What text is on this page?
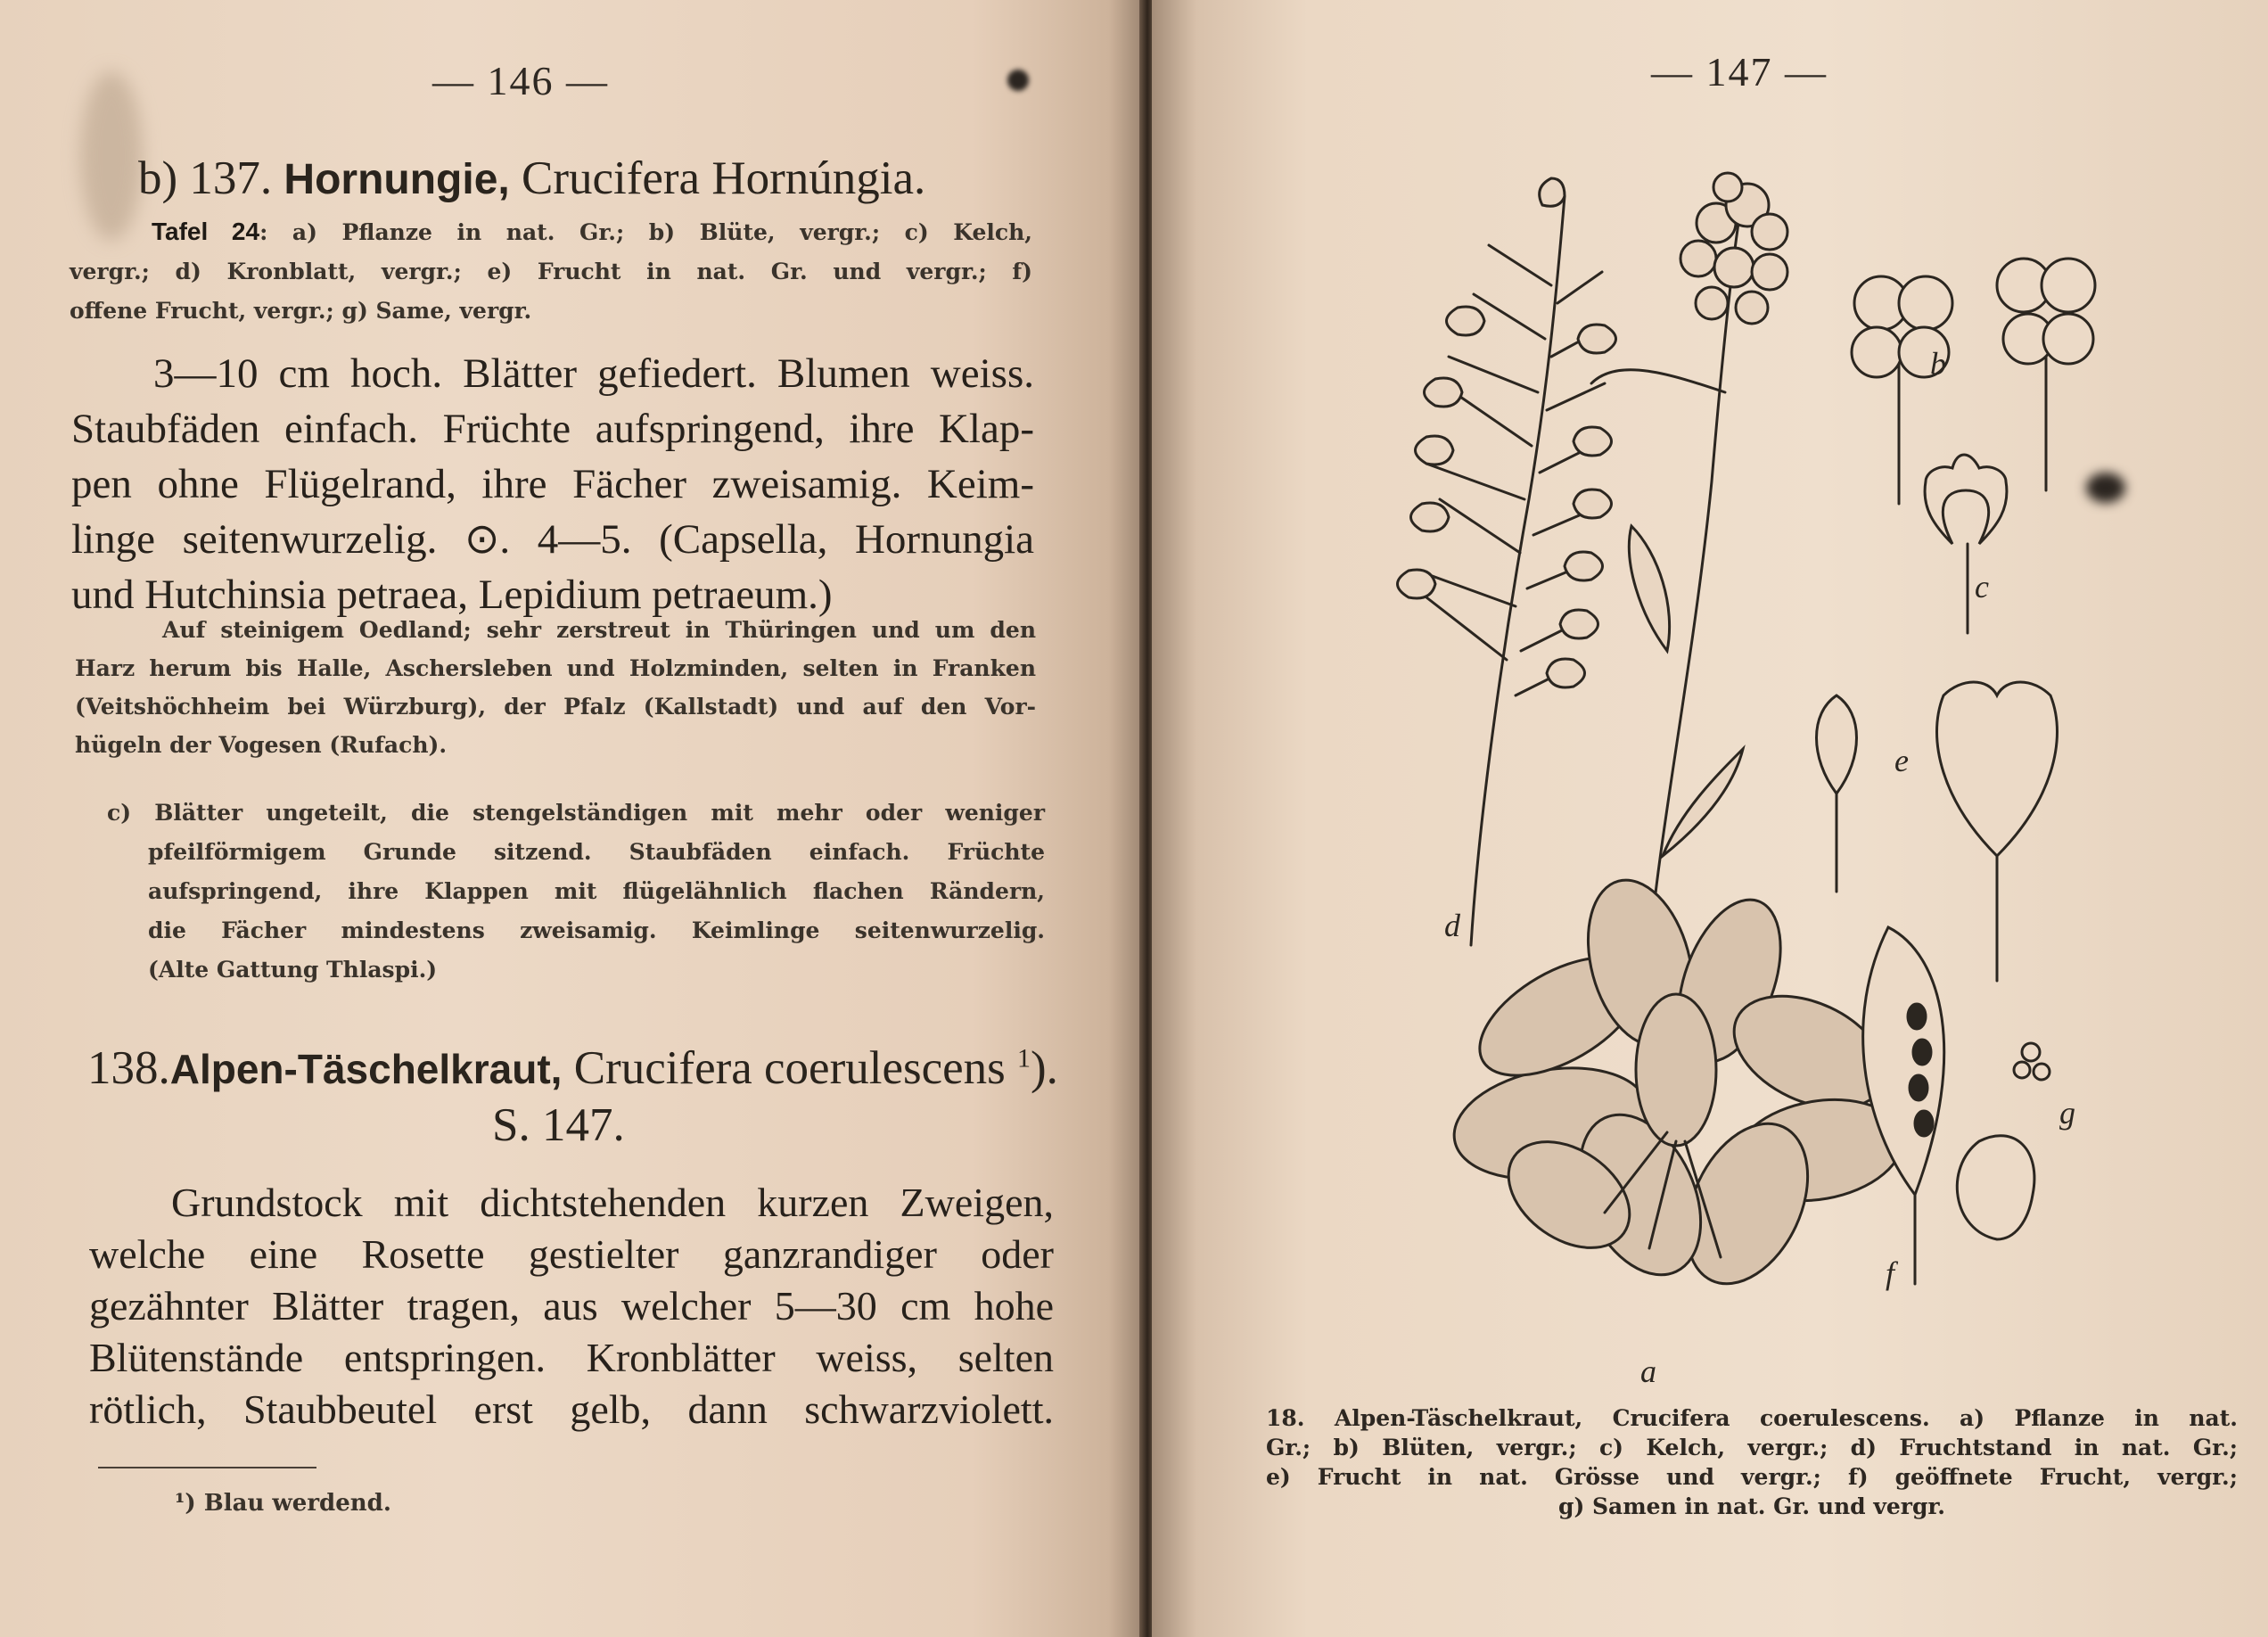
— 146 —
b) 137. Hornungie, Crucifera Hornúngia.
Tafel 24: a) Pflanze in nat. Gr.; b) Blüte, vergr.; c) Kelch,
vergr.; d) Kronblatt, vergr.; e) Frucht in nat. Gr. und vergr.; f)
offene Frucht, vergr.; g) Same, vergr.
3—10 cm hoch. Blätter gefiedert. Blumen weiss.
Staubfäden einfach. Früchte aufspringend, ihre Klap-
pen ohne Flügelrand, ihre Fächer zweisamig. Keim-
linge seitenwurzelig. ⊙. 4—5. (Capsella, Hornungia
und Hutchinsia petraea, Lepidium petraeum.)
Auf steinigem Oedland; sehr zerstreut in Thüringen und um den
Harz herum bis Halle, Aschersleben und Holzminden, selten in Franken
(Veitshöchheim bei Würzburg), der Pfalz (Kallstadt) und auf den Vor-
hügeln der Vogesen (Rufach).
c) Blätter ungeteilt, die stengelständigen mit mehr oder weniger
pfeilförmigem Grunde sitzend. Staubfäden einfach. Früchte
aufspringend, ihre Klappen mit flügelähnlich flachen Rändern,
die Fächer mindestens zweisamig. Keimlinge seitenwurzelig.
(Alte Gattung Thlaspi.)
138.Alpen-Täschelkraut, Crucifera coerulescens $^1$).
S. 147.
Grundstock mit dichtstehenden kurzen Zweigen,
welche eine Rosette gestielter ganzrandiger oder
gezähnter Blätter tragen, aus welcher 5—30 cm hohe
Blütenstände entspringen. Kronblätter weiss, selten
rötlich, Staubbeutel erst gelb, dann schwarzviolett.
¹) Blau werdend.
— 147 —
a
b
c
d
e
f
g
18. Alpen-Täschelkraut, Crucifera coerulescens. a) Pflanze in nat.
Gr.; b) Blüten, vergr.; c) Kelch, vergr.; d) Fruchtstand in nat. Gr.;
e) Frucht in nat. Grösse und vergr.; f) geöffnete Frucht, vergr.;
g) Samen in nat. Gr. und vergr.
